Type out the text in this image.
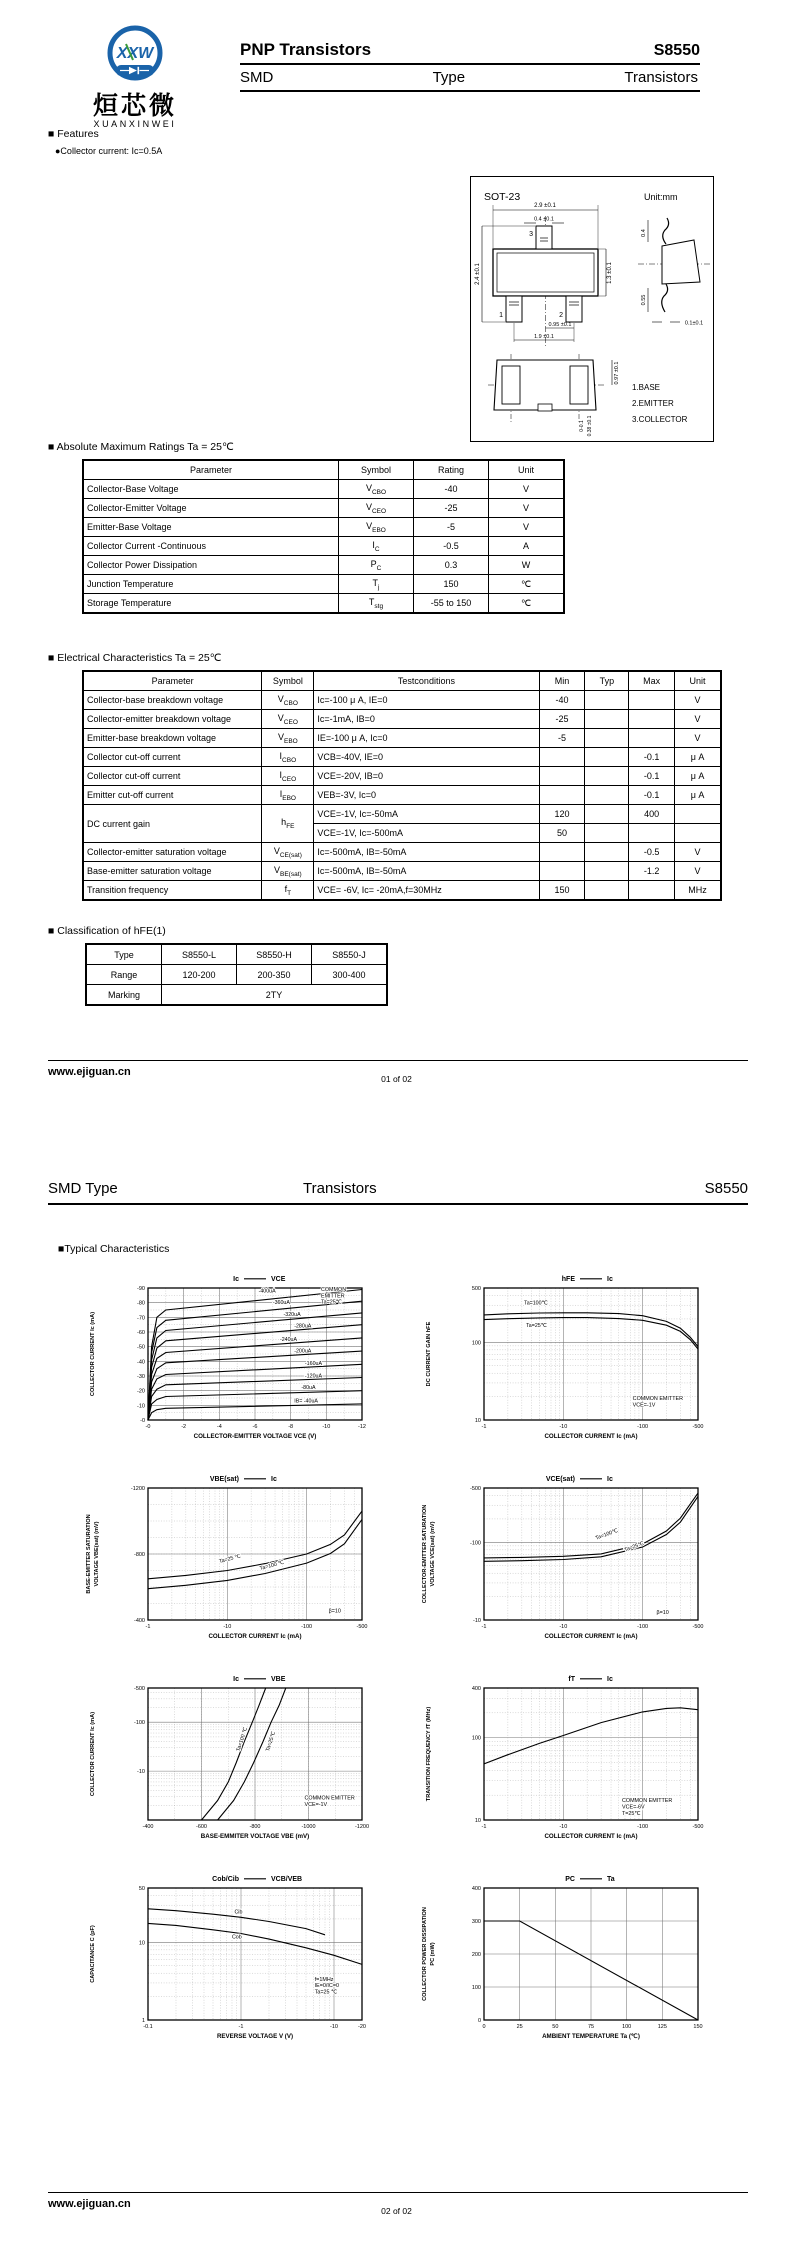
XXW
烜芯微
XUANXINWEI
PNP Transistors	S8550
SMD	Type	Transistors
■ Features
●Collector current: Ic=0.5A
SOT-23	Unit:mm
3
1	2
2.9 ±0.1
0.4 ±0.1
2.4 ±0.1	1.3 ±0.1
0.95 ±0.1
1.9 ±0.1
0.4
0.55
0.1±0.1
0.97 ±0.1
0.38 ±0.1
0-0.1
1.BASE
2.EMITTER
3.COLLECTOR
■ Absolute Maximum Ratings Ta = 25℃
Parameter	Symbol	Rating	Unit
Collector-Base Voltage	$V_{CBO}$	-40	V
Collector-Emitter Voltage	$V_{CEO}$	-25	V
Emitter-Base Voltage	$V_{EBO}$	-5	V
Collector Current -Continuous	$I_C$	-0.5	A
Collector Power Dissipation	$P_C$	0.3	W
Junction Temperature	$T_j$	150	℃
Storage Temperature	$T_{stg}$	-55 to 150	℃
■ Electrical Characteristics Ta = 25℃
Parameter	Symbol	Testconditions	Min	Typ	Max	Unit
Collector-base breakdown voltage	$V_{CBO}$	Ic=-100 μ A, IE=0	-40			V
Collector-emitter breakdown voltage	$V_{CEO}$	Ic=-1mA, IB=0	-25			V
Emitter-base breakdown voltage	$V_{EBO}$	IE=-100 μ A, Ic=0	-5			V
Collector cut-off current	$I_{CBO}$	VCB=-40V, IE=0			-0.1	μ A
Collector cut-off current	$I_{CEO}$	VCE=-20V, IB=0			-0.1	μ A
Emitter cut-off current	$I_{EBO}$	VEB=-3V, Ic=0			-0.1	μ A
DC current gain	$h_{FE}$	VCE=-1V, Ic=-50mA	120		400	
		VCE=-1V, Ic=-500mA	50			
Collector-emitter saturation voltage	$V_{CE(sat)}$	Ic=-500mA, IB=-50mA			-0.5	V
Base-emitter saturation voltage	$V_{BE(sat)}$	Ic=-500mA, IB=-50mA			-1.2	V
Transition frequency	$f_T$	VCE= -6V, Ic= -20mA,f=30MHz	150			MHz
■ Classification of hFE(1)
Type	S8550-L	S8550-H	S8550-J
Range	120-200	200-350	300-400
Marking	2TY		
www.ejiguan.cn
01 of 02
SMD Type	Transistors	S8550
■Typical Characteristics
-0	-2	-4	-6	-8	-10	-12
-0
-10
-20
-30
-40
-50
-60
-70
-80
-90
COLLECTOR-EMITTER VOLTAGE VCE (V)
COLLECTOR CURRENT Ic (mA)
Ic	VCE
-400uA
-360uA
-320uA
-280uA
-240uA
-200uA
-160uA
-120uA
-80uA
IB= -40uA
COMMON
EMITTER
Ta=25℃
-1	-10	-100	-500
10
100
500
COLLECTOR CURRENT Ic (mA)
DC CURRENT GAIN hFE
hFE	Ic
Ta=100℃
Ta=25℃
COMMON EMITTER
VCE=-1V
-1	-10	-100	-500
-400
-800
-1200
COLLECTOR CURRENT Ic (mA)
BASE-EMITTER SATURATION VOLTAGE VBE(sat) (mV)
VBE(sat)	Ic
Ta=25 ℃
Ta=100 ℃
β=10
-1	-10	-100	-500
-10
-100
-500
COLLECTOR CURRENT Ic (mA)
COLLECTOR-EMITTER SATURATION VOLTAGE VCE(sat) (mV)
VCE(sat)	Ic
Ta=100℃
Ta=25℃
β=10
-400	-600	-800	-1000	-1200
-10
-100
-500
BASE-EMMITER VOLTAGE VBE (mV)
COLLECTOR CURRENT Ic (mA)
Ic	VBE
Ta=100 ℃	Ta=25℃
COMMON EMITTER
VCE=-1V
-1	-10	-100	-500
10
100
400
COLLECTOR CURRENT Ic (mA)
TRANSITION FREQUENCY fT (MHz)
fT	Ic
COMMON EMITTER
VCE=-6V
T=25℃
-0.1	-1	-10	-20
1
10
50
REVERSE VOLTAGE V (V)
CAPACITANCE C (pF)
Cob/Cib	VCB/VEB
Cib
Cob
f=1MHz
IE=0/IC=0
Ta=25 ℃
0	25	50	75	100	125	150
0
100
200
300
400
AMBIENT TEMPERATURE Ta (℃)
COLLECTOR POWER DISSIPATION PC (mW)
PC	Ta
www.ejiguan.cn
02 of 02
